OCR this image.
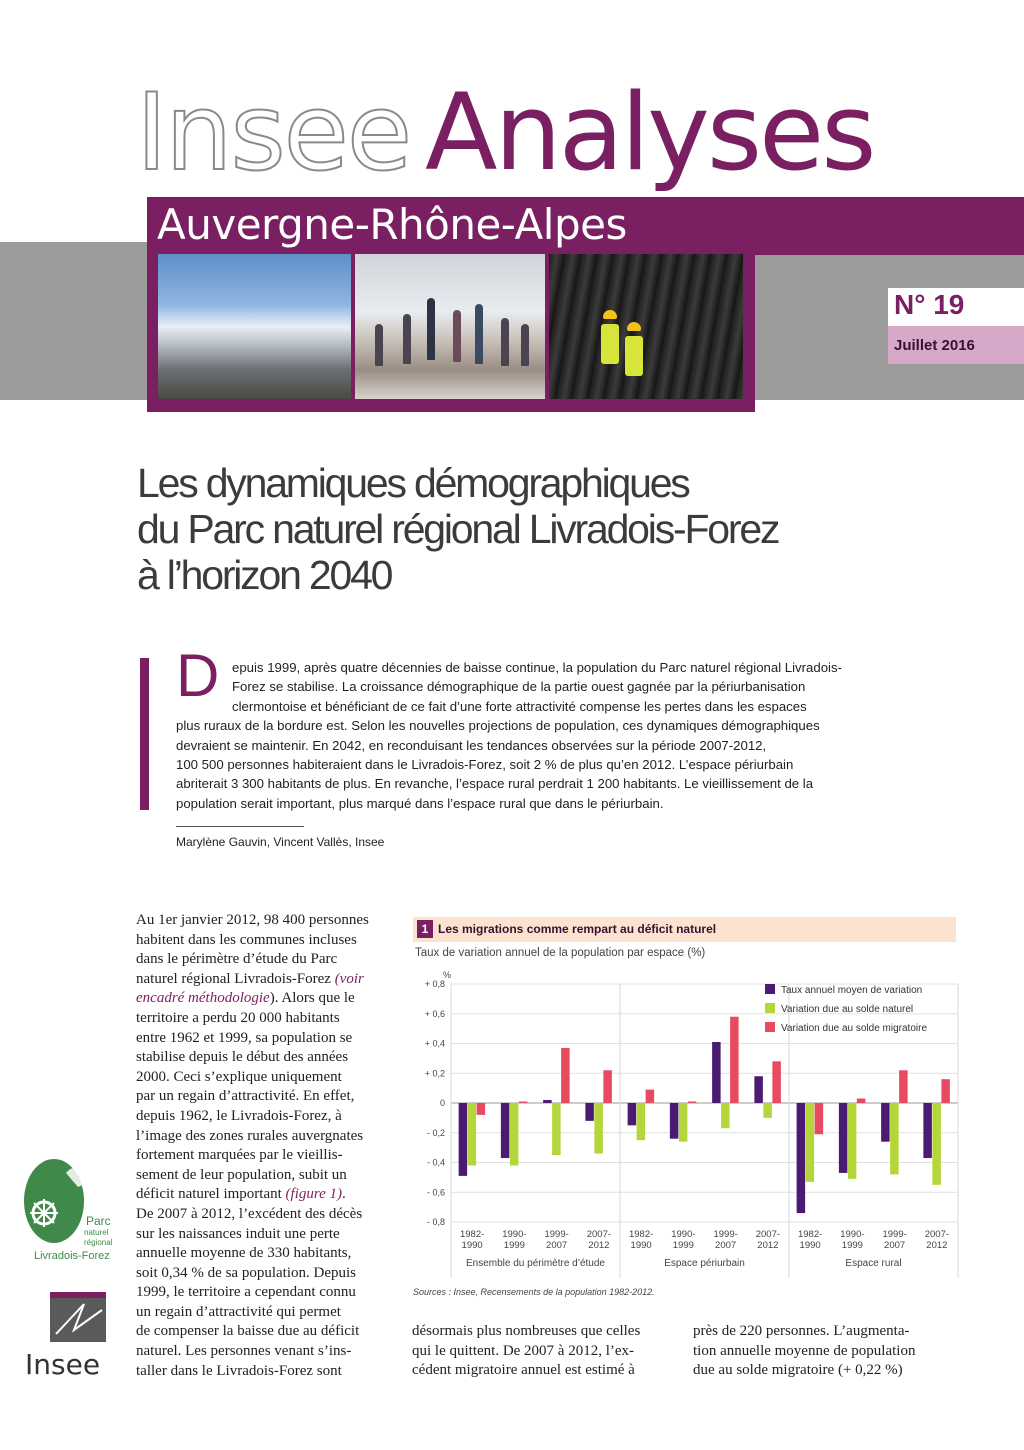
Insee Analyses
Auvergne-Rhône-Alpes
N° 19
Juillet 2016
Les dynamiques démographiques
du Parc naturel régional Livradois-Forez
à l’horizon 2040
D epuis 1999, après quatre décennies de baisse continue, la population du Parc naturel régional Livradois-
Forez se stabilise. La croissance démographique de la partie ouest gagnée par la périurbanisation
clermontoise et bénéficiant de ce fait d’une forte attractivité compense les pertes dans les espaces
plus ruraux de la bordure est. Selon les nouvelles projections de population, ces dynamiques démographiques
devraient se maintenir. En 2042, en reconduisant les tendances observées sur la période 2007-2012,
100 500 personnes habiteraient dans le Livradois-Forez, soit 2 % de plus qu’en 2012. L’espace périurbain
abriterait 3 300 habitants de plus. En revanche, l’espace rural perdrait 1 200 habitants. Le vieillissement de la
population serait important, plus marqué dans l’espace rural que dans le périurbain.
Marylène Gauvin, Vincent Vallès, Insee
Au 1er janvier 2012, 98 400 personnes
habitent dans les communes incluses
dans le périmètre d’étude du Parc
naturel régional Livradois-Forez (voir
encadré méthodologie). Alors que le
territoire a perdu 20 000 habitants
entre 1962 et 1999, sa population se
stabilise depuis le début des années
2000. Ceci s’explique uniquement
par un regain d’attractivité. En effet,
depuis 1962, le Livradois-Forez, à
l’image des zones rurales auvergnates
fortement marquées par le vieillis-
sement de leur population, subit un
déficit naturel important (figure 1).
De 2007 à 2012, l’excédent des décès
sur les naissances induit une perte
annuelle moyenne de 330 habitants,
soit 0,34 % de sa population. Depuis
1999, le territoire a cependant connu
un regain d’attractivité qui permet
de compenser la baisse due au déficit
naturel. Les personnes venant s’ins-
taller dans le Livradois-Forez sont
désormais plus nombreuses que celles
qui le quittent. De 2007 à 2012, l’ex-
cédent migratoire annuel est estimé à
près de 220 personnes. L’augmenta-
tion annuelle moyenne de population
due au solde migratoire (+ 0,22 %)
1 Les migrations comme rempart au déficit naturel
Taux de variation annuel de la population par espace (%)
+ 0,8
+ 0,6
+ 0,4
+ 0,2
0
- 0,2
- 0,4
- 0,6
- 0,8
%
1982-
1990
1990-
1999
1999-
2007
2007-
2012
Ensemble du périmètre d’étude
1982-
1990
1990-
1999
1999-
2007
2007-
2012
Espace périurbain
1982-
1990
1990-
1999
1999-
2007
2007-
2012
Espace rural
Taux annuel moyen de variation
Variation due au solde naturel
Variation due au solde migratoire
Sources : Insee, Recensements de la population 1982-2012.
Parc
naturel
régional
Livradois-Forez
Insee
